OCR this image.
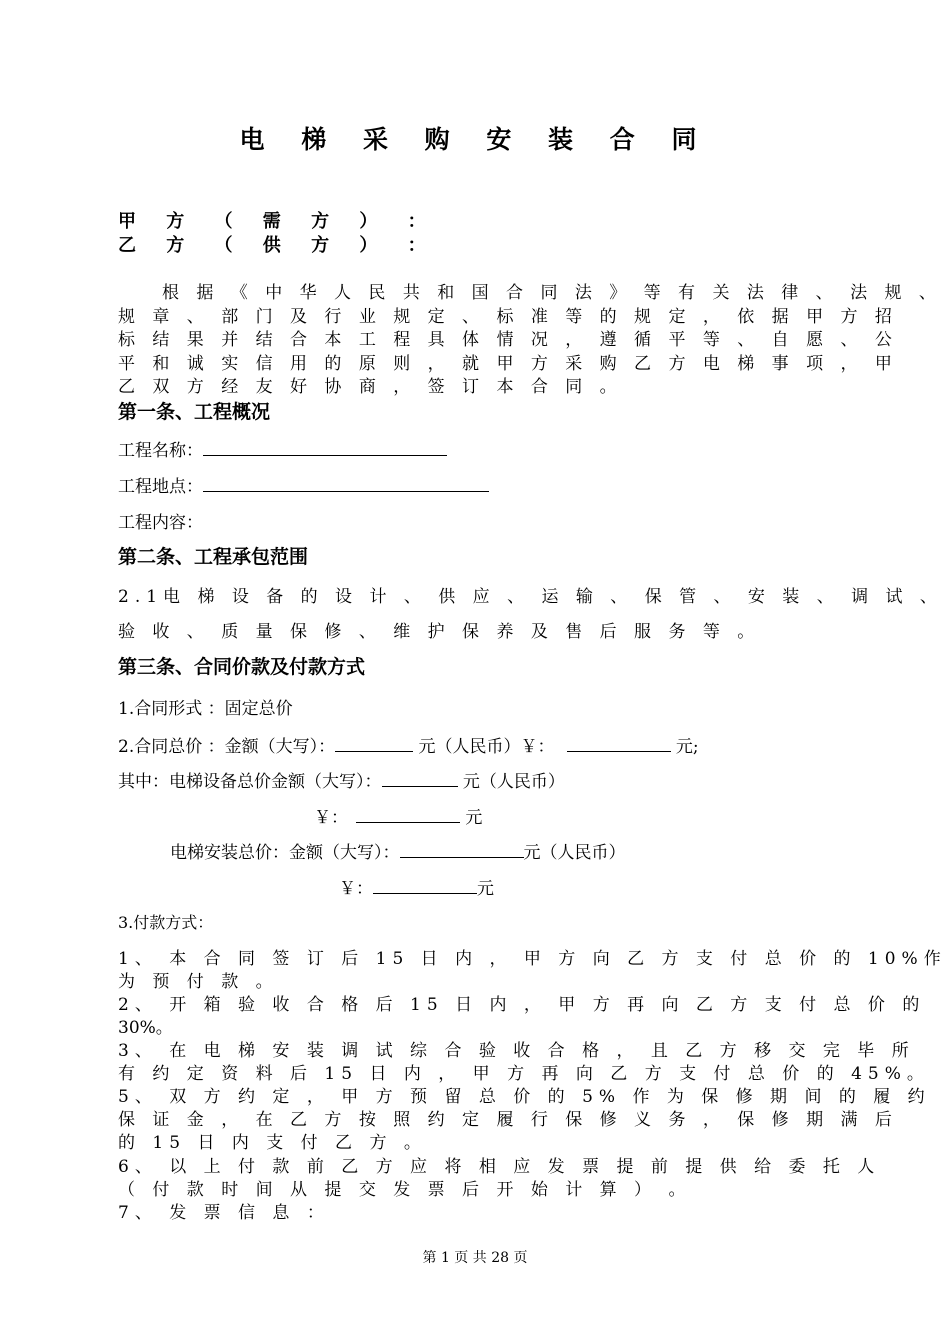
电 梯 采 购 安 装 合 同
甲 方 （ 需 方 ） ：
乙 方 （ 供 方 ） ：
根 据 《 中 华 人 民 共 和 国 合 同 法 》 等 有 关 法 律 、 法 规 、
规 章 、 部 门 及 行 业 规 定 、 标 准 等 的 规 定 ， 依 据 甲 方 招
标 结 果 并 结 合 本 工 程 具 体 情 况 ， 遵 循 平 等 、 自 愿 、 公
平 和 诚 实 信 用 的 原 则 ， 就 甲 方 采 购 乙 方 电 梯 事 项 ， 甲
乙 双 方 经 友 好 协 商 ， 签 订 本 合 同 。
第一条、工程概况
工程名称：
工程地点：
工程内容：
第二条、工程承包范围
2.1电 梯 设 备 的 设 计 、 供 应 、 运 输 、 保 管 、 安 装 、 调 试 、
验 收 、 质 量 保 修 、 维 护 保 养 及 售 后 服 务 等 。
第三条、合同价款及付款方式
1.合同形式 ：固定总价
2.合同总价 ：金额（大写）：	元（人民币）￥：	元;
其中：电梯设备总价金额（大写）：	元（人民币）
￥：	元
电梯安装总价：金额（大写）：	元（人民币）
￥：	元
3.付款方式：
1、 本 合 同 签 订 后 15 日 内 ， 甲 方 向 乙 方 支 付 总 价 的 10%作
为 预 付 款 。
2、 开 箱 验 收 合 格 后 15 日 内 ， 甲 方 再 向 乙 方 支 付 总 价 的
30%。
3、 在 电 梯 安 装 调 试 综 合 验 收 合 格 ， 且 乙 方 移 交 完 毕 所
有 约 定 资 料 后 15 日 内 ， 甲 方 再 向 乙 方 支 付 总 价 的 45%。
5、 双 方 约 定 ， 甲 方 预 留 总 价 的 5% 作 为 保 修 期 间 的 履 约
保 证 金 ， 在 乙 方 按 照 约 定 履 行 保 修 义 务 ， 保 修 期 满 后
的 15 日 内 支 付 乙 方 。
6、 以 上 付 款 前 乙 方 应 将 相 应 发 票 提 前 提 供 给 委 托 人
（ 付 款 时 间 从 提 交 发 票 后 开 始 计 算 ） 。
7、 发 票 信 息 ：
第 1 页 共 28 页
